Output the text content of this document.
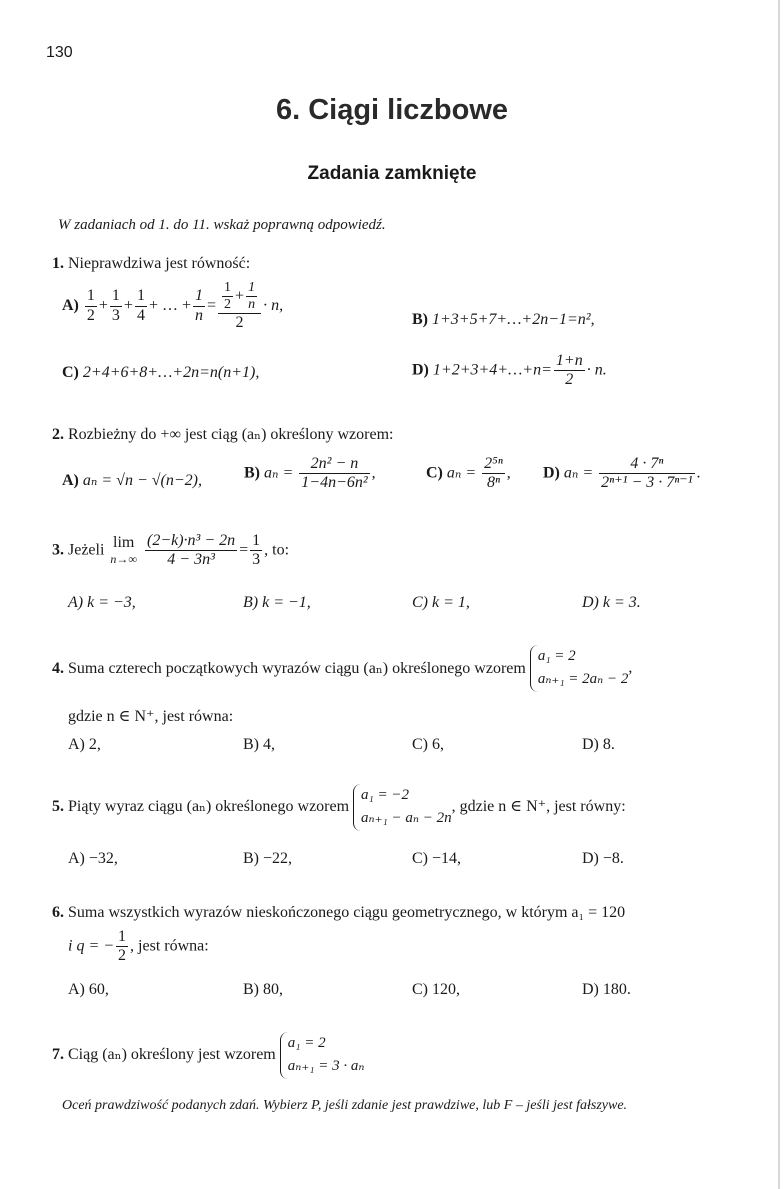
130
6. Ciągi liczbowe
Zadania zamknięte
W zadaniach od 1. do 11. wskaż poprawną odpowiedź.
1. Nieprawdziwa jest równość:
$A) \frac{1}{2} + \frac{1}{3} + \frac{1}{4}$ + … + $\frac{1}{n} = \frac{\frac{1}{2} + \frac{1}{n}}{2} \cdot n$,
B) 1+3+5+7+…+2n−1=n²,
C) 2+4+6+8+…+2n=n(n+1),	D) 1+2+3+4+…+n= $\frac{1+n}{2} \cdot n$.
2. Rozbieżny do +∞ jest ciąg (aₙ) określony wzorem:
A) aₙ = √n − √(n−2),	B) $a_n = \frac{\text{2n² − n}}{\text{1−4n−6n²}}$ ,	C) $a_n = \frac{\text{2⁵ⁿ}}{\text{8ⁿ}}$ , D) $a_n = \frac{\text{4 · 7ⁿ}}{\text{2ⁿ⁺¹ − 3 · 7ⁿ⁻¹}}$ .
3. Jeżeli lim
n→∞
$\frac{\text{(2−k)·n³ − 2n}}{\text{4 − 3n³}} = \frac{1}{3}$ , to:
A) k = −3,	B) k = −1,	C) k = 1,	D) k = 3.
4. Suma czterech początkowych wyrazów ciągu (aₙ) określonego wzorem
a₁ = 2
aₙ₊₁ = 2aₙ − 2
,
gdzie n ∈ N⁺, jest równa:
A) 2,	B) 4,	C) 6,	D) 8.
5. Piąty wyraz ciągu (aₙ) określonego wzorem
a₁ = −2
aₙ₊₁ − aₙ − 2n
, gdzie n ∈ N⁺, jest równy:
A) −32,	B) −22,	C) −14,	D) −8.
6. Suma wszystkich wyrazów nieskończonego ciągu geometrycznego, w którym a₁ = 120
i q = − $\frac{1}{2}$ , jest równa:
A) 60,	B) 80,	C) 120,	D) 180.
7. Ciąg (aₙ) określony jest wzorem
a₁ = 2
aₙ₊₁ = 3 · aₙ
Oceń prawdziwość podanych zdań. Wybierz P, jeśli zdanie jest prawdziwe, lub F – jeśli jest fałszywe.
